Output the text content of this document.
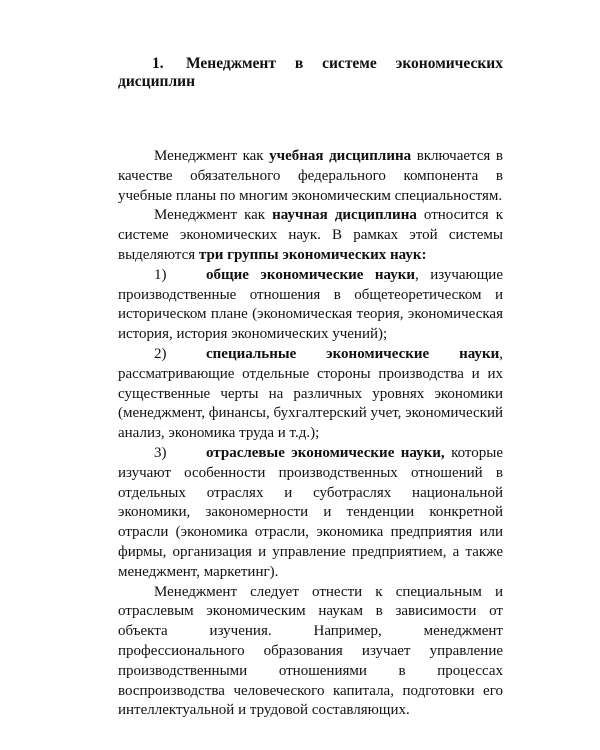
1. Менеджмент в системе экономических дисциплин

Менеджмент как учебная дисциплина включается в качестве обязательного федерального компонента в учебные планы по многим экономическим специальностям.

Менеджмент как научная дисциплина относится к системе экономических наук. В рамках этой системы выделяются три группы экономических наук:

1)	общие экономические науки, изучающие производственные отношения в общетеоретическом и историческом плане (экономическая теория, экономическая история, история экономических учений);

2)	специальные экономические науки, рассматривающие отдельные стороны производства и их существенные черты на различных уровнях экономики (менеджмент, финансы, бухгалтерский учет, экономический анализ, экономика труда и т.д.);

3)	отраслевые экономические науки, которые изучают особенности производственных отношений в отдельных отраслях и суботраслях национальной экономики, закономерности и тенденции конкретной отрасли (экономика отрасли, экономика предприятия или фирмы, организация и управление предприятием, а также менеджмент, маркетинг).

Менеджмент следует отнести к специальным и отраслевым экономическим наукам в зависимости от объекта изучения. Например, менеджмент профессионального образования изучает управление производственными отношениями в процессах воспроизводства человеческого капитала, подготовки его интеллектуальной и трудовой составляющих.
